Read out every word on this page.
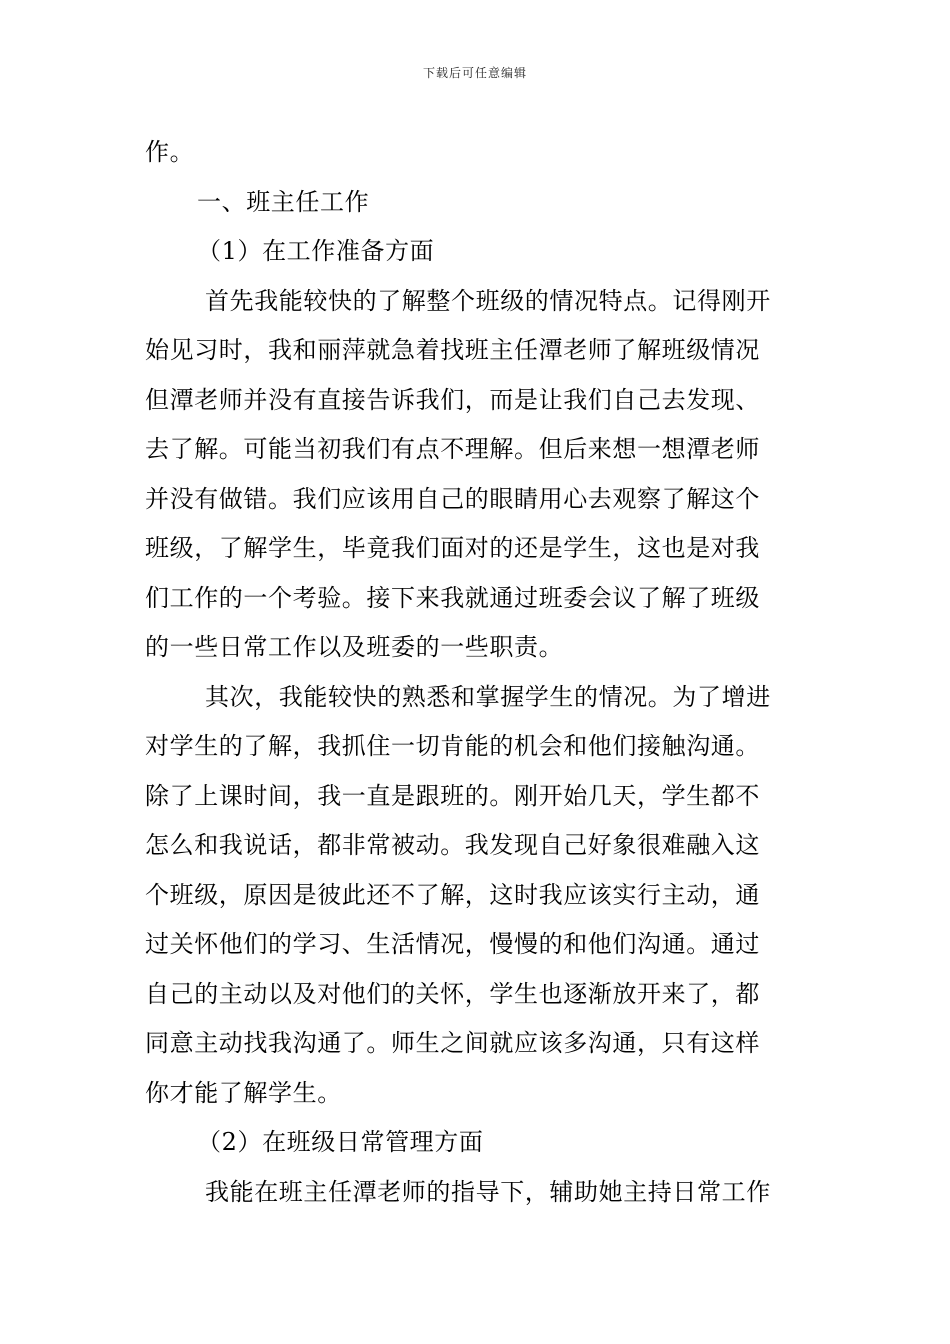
下载后可任意编辑
作。
一、班主任工作
（1）在工作准备方面
首先我能较快的了解整个班级的情况特点。记得刚开
始见习时，我和丽萍就急着找班主任潭老师了解班级情况
但潭老师并没有直接告诉我们，而是让我们自己去发现、
去了解。可能当初我们有点不理解。但后来想一想潭老师
并没有做错。我们应该用自己的眼睛用心去观察了解这个
班级，了解学生，毕竟我们面对的还是学生，这也是对我
们工作的一个考验。接下来我就通过班委会议了解了班级
的一些日常工作以及班委的一些职责。
其次，我能较快的熟悉和掌握学生的情况。为了增进
对学生的了解，我抓住一切肯能的机会和他们接触沟通。
除了上课时间，我一直是跟班的。刚开始几天，学生都不
怎么和我说话，都非常被动。我发现自己好象很难融入这
个班级，原因是彼此还不了解，这时我应该实行主动，通
过关怀他们的学习、生活情况，慢慢的和他们沟通。通过
自己的主动以及对他们的关怀，学生也逐渐放开来了，都
同意主动找我沟通了。师生之间就应该多沟通，只有这样
你才能了解学生。
（2）在班级日常管理方面
我能在班主任潭老师的指导下，辅助她主持日常工作
